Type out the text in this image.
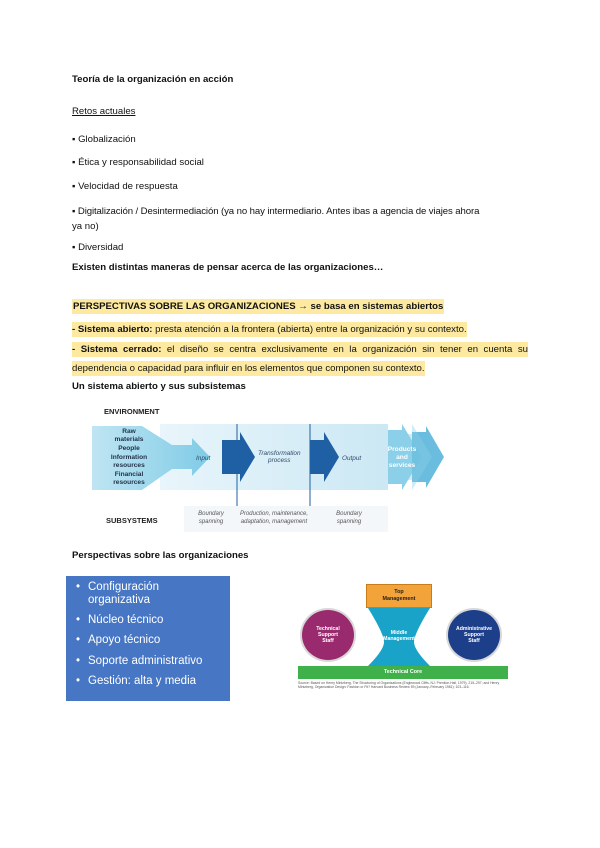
Teoría de la organización en acción
Retos actuales
▪ Globalización
▪ Ética y responsabilidad social
▪ Velocidad de respuesta
▪ Digitalización / Desintermediación (ya no hay intermediario. Antes ibas a agencia de viajes ahora
ya no)
▪ Diversidad
Existen distintas maneras de pensar acerca de las organizaciones…
PERSPECTIVAS SOBRE LAS ORGANIZACIONES → se basa en sistemas abiertos
- Sistema abierto: presta atención a la frontera (abierta) entre la organización y su contexto.
- Sistema cerrado: el diseño se centra exclusivamente en la organización sin tener en cuenta su dependencia o capacidad para influir en los elementos que componen su contexto.
Un sistema abierto y sus subsistemas
ENVIRONMENT
SUBSYSTEMS
Raw
materials
People
Information
resources
Financial
resources
Input
Transformation
process	Output
Products
and
services
Boundary
spanning
Production, maintenance,
adaptation, management
Boundary
spanning
Perspectivas sobre las organizaciones
• Configuración
organizativa
• Núcleo técnico
• Apoyo técnico
• Soporte administrativo
• Gestión: alta y media
Top
Management
Middle
Management
Technical
Support
Staff
Administrative
Support
Staff
Technical Core
Source: Based on Henry Mintzberg, The Structuring of Organizations (Englewood Cliffs, NJ: Prentice-Hall, 1979), 215–297; and Henry Mintzberg, Organization Design: Fashion or Fit? Harvard Business Review 59 (January–February 1981): 103–116.
